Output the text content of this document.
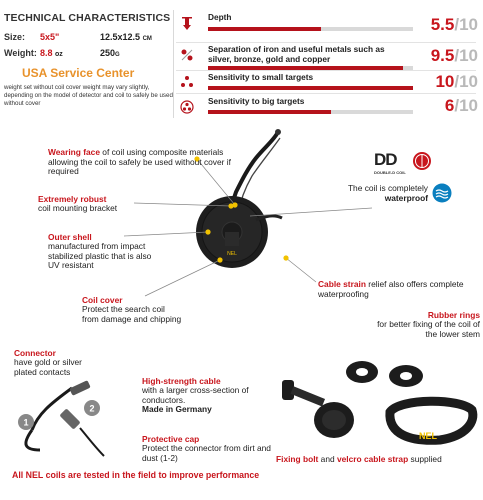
TECHNICAL CHARACTERISTICS
Size: 5x5"	12.5x12.5 CM
Weight: 8.8 oz	250G
USA Service Center
weight set without coil cover weight may vary slightly, depending on the model of detector and coil to safely be used without cover
Depth	5.5/10
Separation of iron and useful metals such as silver, bronze, gold and copper	9.5/10
Sensitivity to small targets	10/10
Sensitivity to big targets	6/10
NEL
Wearing face of coil using composite materials allowing the coil to safely be used without cover if required
Extremely robust
coil mounting bracket
Outer shell
manufactured from impact stabilized plastic that is also UV resistant
Coil cover
Protect the search coil from damage and chipping
DD
DOUBLE-D COIL
The coil is completely
waterproof
Cable strain relief also offers complete waterproofing
Rubber rings
for better fixing of the coil of the lower stem
Connector
have gold or silver plated contacts
2
1
High-strength cable
with a larger cross-section of conductors.
Made in Germany
Protective cap
Protect the connector from dirt and dust (1-2)
NEL
Fixing bolt and velcro cable strap supplied
All NEL coils are tested in the field to improve performance
